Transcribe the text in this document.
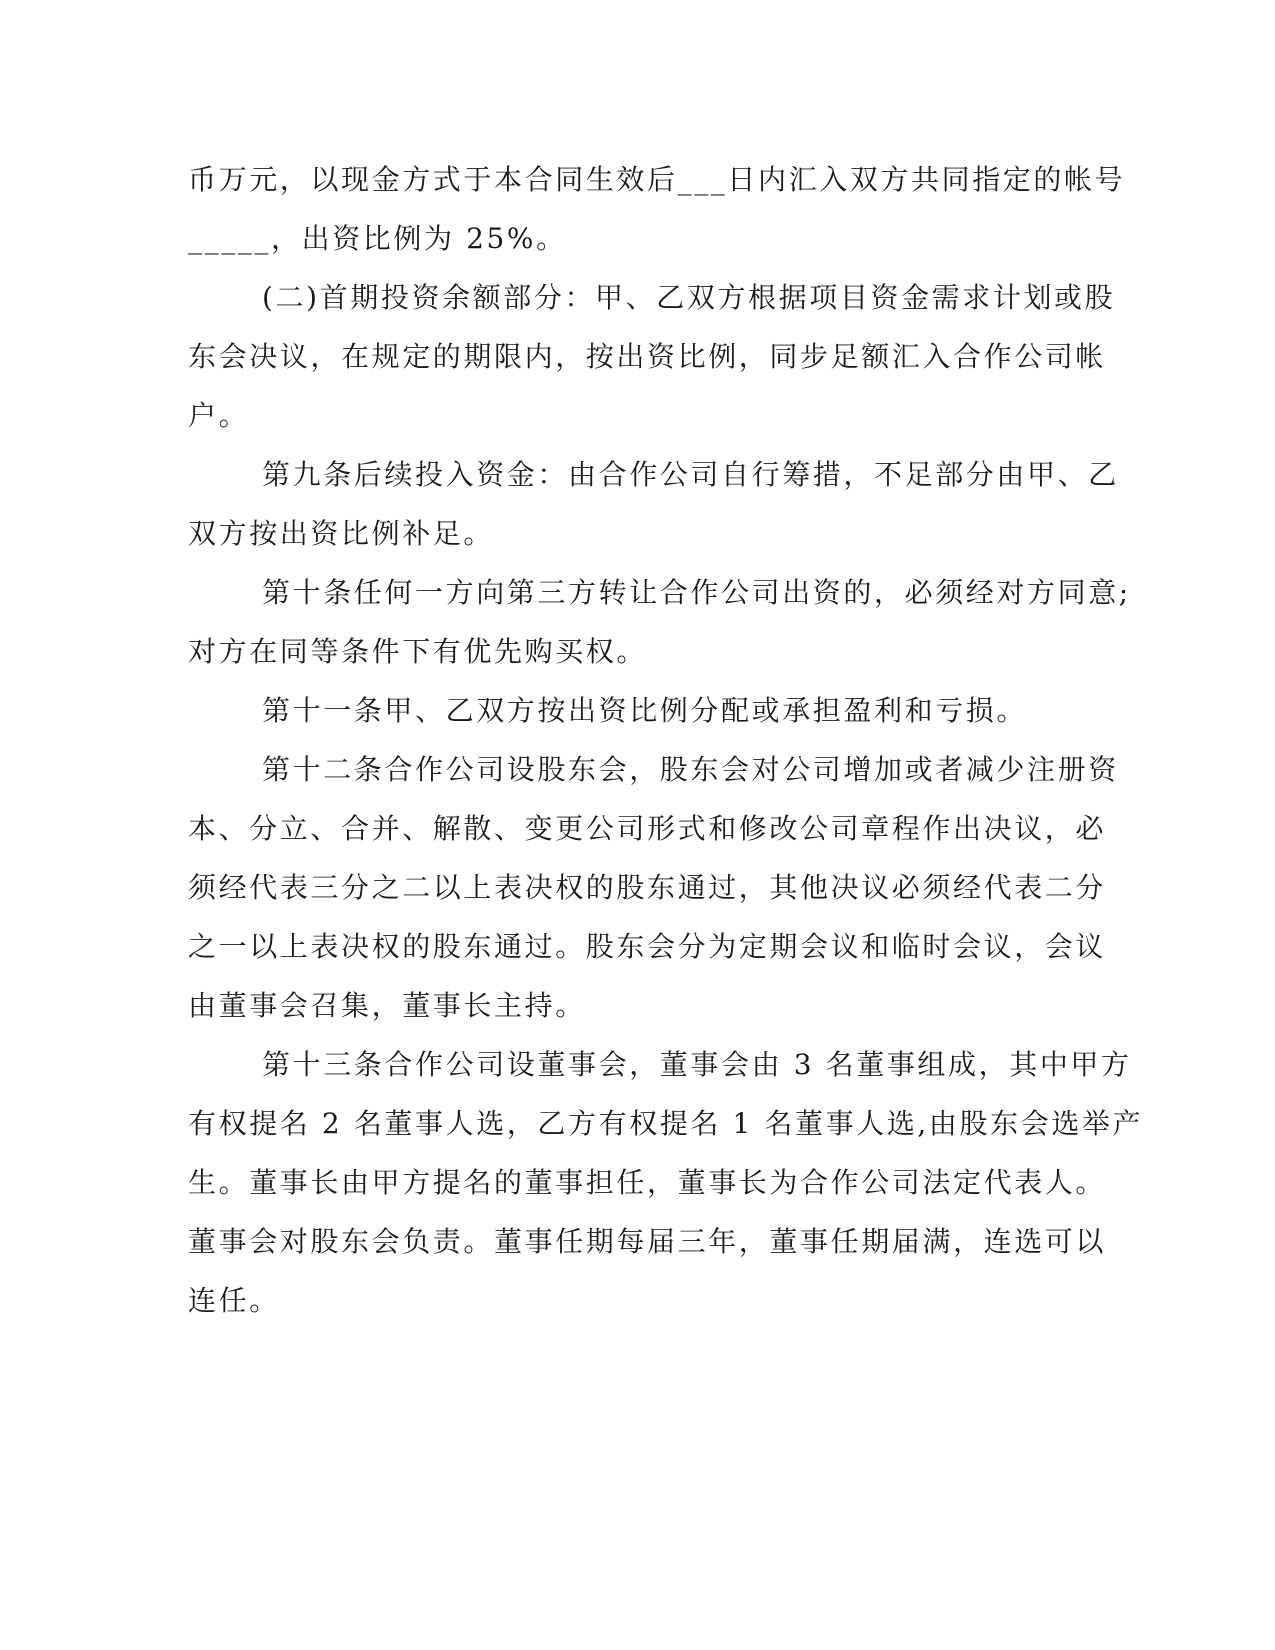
币万元，以现金方式于本合同生效后___日内汇入双方共同指定的帐号
_____，出资比例为 25%。
(二)首期投资余额部分：甲、乙双方根据项目资金需求计划或股
东会决议，在规定的期限内，按出资比例，同步足额汇入合作公司帐
户。
第九条后续投入资金：由合作公司自行筹措，不足部分由甲、乙
双方按出资比例补足。
第十条任何一方向第三方转让合作公司出资的，必须经对方同意;
对方在同等条件下有优先购买权。
第十一条甲、乙双方按出资比例分配或承担盈利和亏损。
第十二条合作公司设股东会，股东会对公司增加或者减少注册资
本、分立、合并、解散、变更公司形式和修改公司章程作出决议，必
须经代表三分之二以上表决权的股东通过，其他决议必须经代表二分
之一以上表决权的股东通过。股东会分为定期会议和临时会议，会议
由董事会召集，董事长主持。
第十三条合作公司设董事会，董事会由 3 名董事组成，其中甲方
有权提名 2 名董事人选，乙方有权提名 1 名董事人选,由股东会选举产
生。董事长由甲方提名的董事担任，董事长为合作公司法定代表人。
董事会对股东会负责。董事任期每届三年，董事任期届满，连选可以
连任。
